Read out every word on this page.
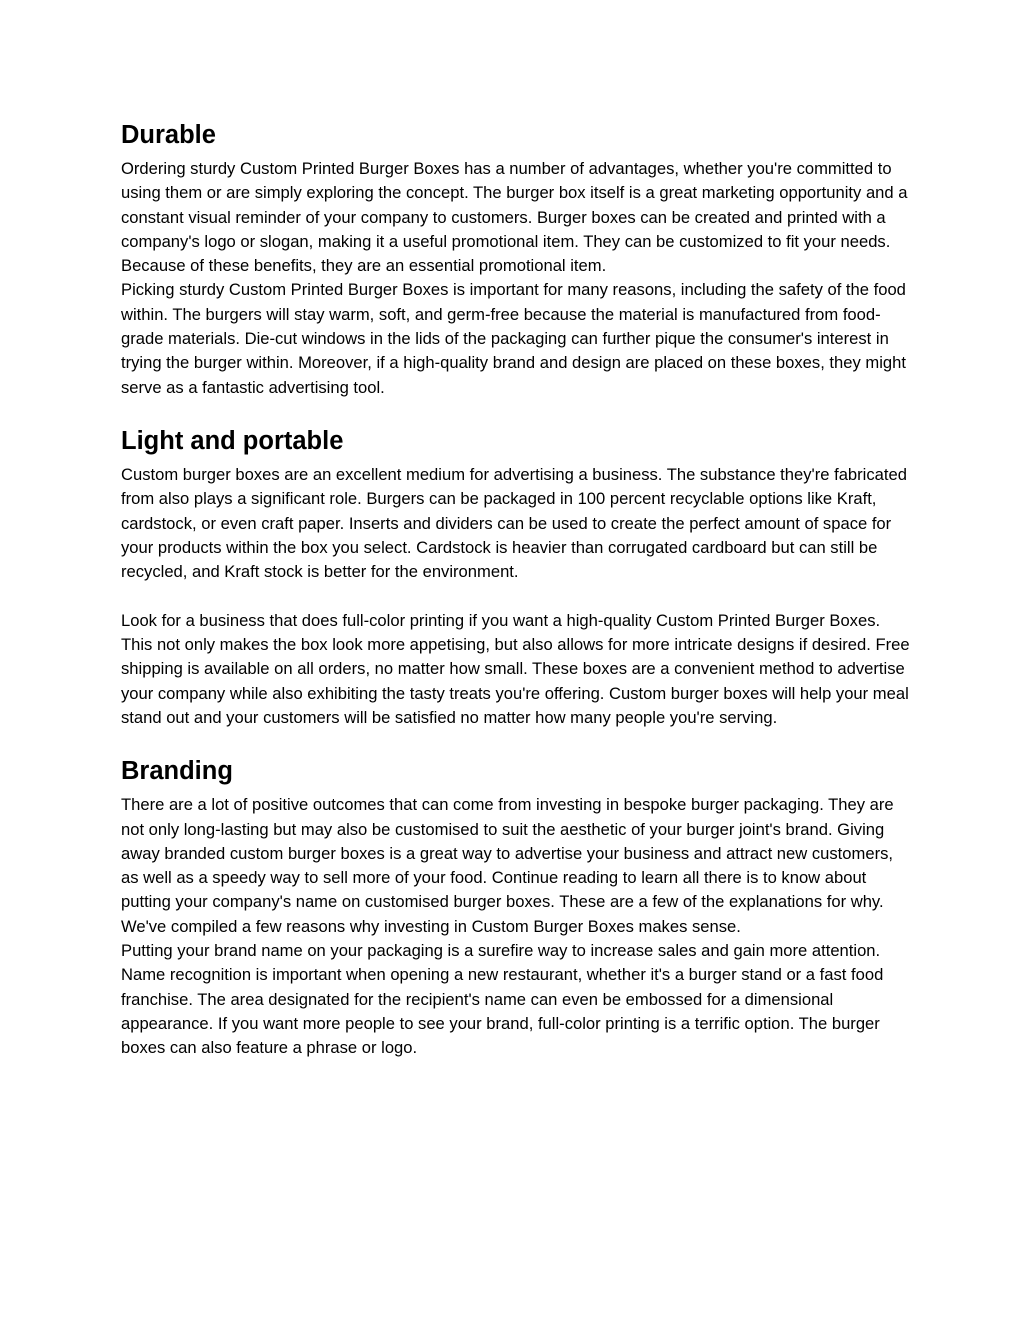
Durable

Ordering sturdy Custom Printed Burger Boxes has a number of advantages, whether you're committed to using them or are simply exploring the concept. The burger box itself is a great marketing opportunity and a constant visual reminder of your company to customers. Burger boxes can be created and printed with a company's logo or slogan, making it a useful promotional item. They can be customized to fit your needs. Because of these benefits, they are an essential promotional item.

Picking sturdy Custom Printed Burger Boxes is important for many reasons, including the safety of the food within. The burgers will stay warm, soft, and germ-free because the material is manufactured from food-grade materials. Die-cut windows in the lids of the packaging can further pique the consumer's interest in trying the burger within. Moreover, if a high-quality brand and design are placed on these boxes, they might serve as a fantastic advertising tool.

Light and portable

Custom burger boxes are an excellent medium for advertising a business. The substance they're fabricated from also plays a significant role. Burgers can be packaged in 100 percent recyclable options like Kraft, cardstock, or even craft paper. Inserts and dividers can be used to create the perfect amount of space for your products within the box you select. Cardstock is heavier than corrugated cardboard but can still be recycled, and Kraft stock is better for the environment.

Look for a business that does full-color printing if you want a high-quality Custom Printed Burger Boxes. This not only makes the box look more appetising, but also allows for more intricate designs if desired. Free shipping is available on all orders, no matter how small. These boxes are a convenient method to advertise your company while also exhibiting the tasty treats you're offering. Custom burger boxes will help your meal stand out and your customers will be satisfied no matter how many people you're serving.

Branding

There are a lot of positive outcomes that can come from investing in bespoke burger packaging. They are not only long-lasting but may also be customised to suit the aesthetic of your burger joint's brand. Giving away branded custom burger boxes is a great way to advertise your business and attract new customers, as well as a speedy way to sell more of your food. Continue reading to learn all there is to know about putting your company's name on customised burger boxes. These are a few of the explanations for why. We've compiled a few reasons why investing in Custom Burger Boxes makes sense.

Putting your brand name on your packaging is a surefire way to increase sales and gain more attention. Name recognition is important when opening a new restaurant, whether it's a burger stand or a fast food franchise. The area designated for the recipient's name can even be embossed for a dimensional appearance. If you want more people to see your brand, full-color printing is a terrific option. The burger boxes can also feature a phrase or logo.
